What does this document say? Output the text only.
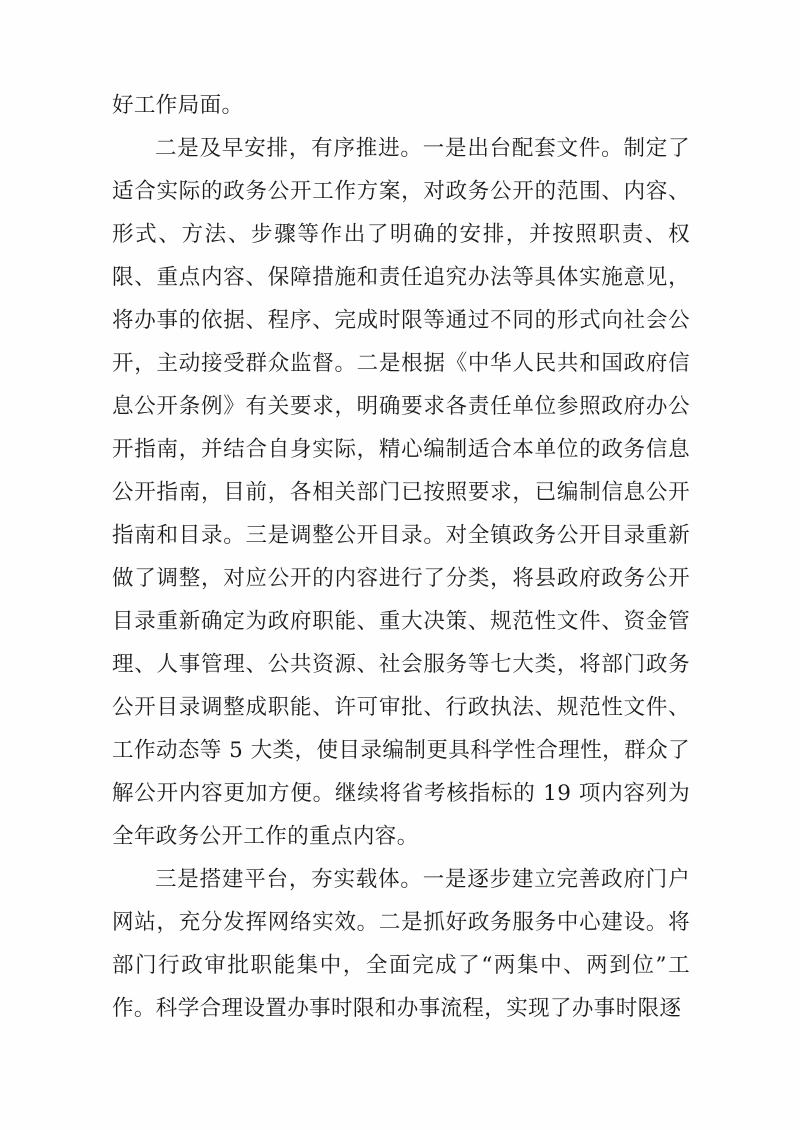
好工作局面。

二是及早安排，有序推进。一是出台配套文件。制定了适合实际的政务公开工作方案，对政务公开的范围、内容、形式、方法、步骤等作出了明确的安排，并按照职责、权限、重点内容、保障措施和责任追究办法等具体实施意见，将办事的依据、程序、完成时限等通过不同的形式向社会公开，主动接受群众监督。二是根据《中华人民共和国政府信息公开条例》有关要求，明确要求各责任单位参照政府办公开指南，并结合自身实际，精心编制适合本单位的政务信息公开指南，目前，各相关部门已按照要求，已编制信息公开指南和目录。三是调整公开目录。对全镇政务公开目录重新做了调整，对应公开的内容进行了分类，将县政府政务公开目录重新确定为政府职能、重大决策、规范性文件、资金管理、人事管理、公共资源、社会服务等七大类，将部门政务公开目录调整成职能、许可审批、行政执法、规范性文件、工作动态等 5 大类，使目录编制更具科学性合理性，群众了解公开内容更加方便。继续将省考核指标的 19 项内容列为全年政务公开工作的重点内容。

三是搭建平台，夯实载体。一是逐步建立完善政府门户网站，充分发挥网络实效。二是抓好政务服务中心建设。将部门行政审批职能集中，全面完成了“两集中、两到位”工作。科学合理设置办事时限和办事流程，实现了办事时限逐
